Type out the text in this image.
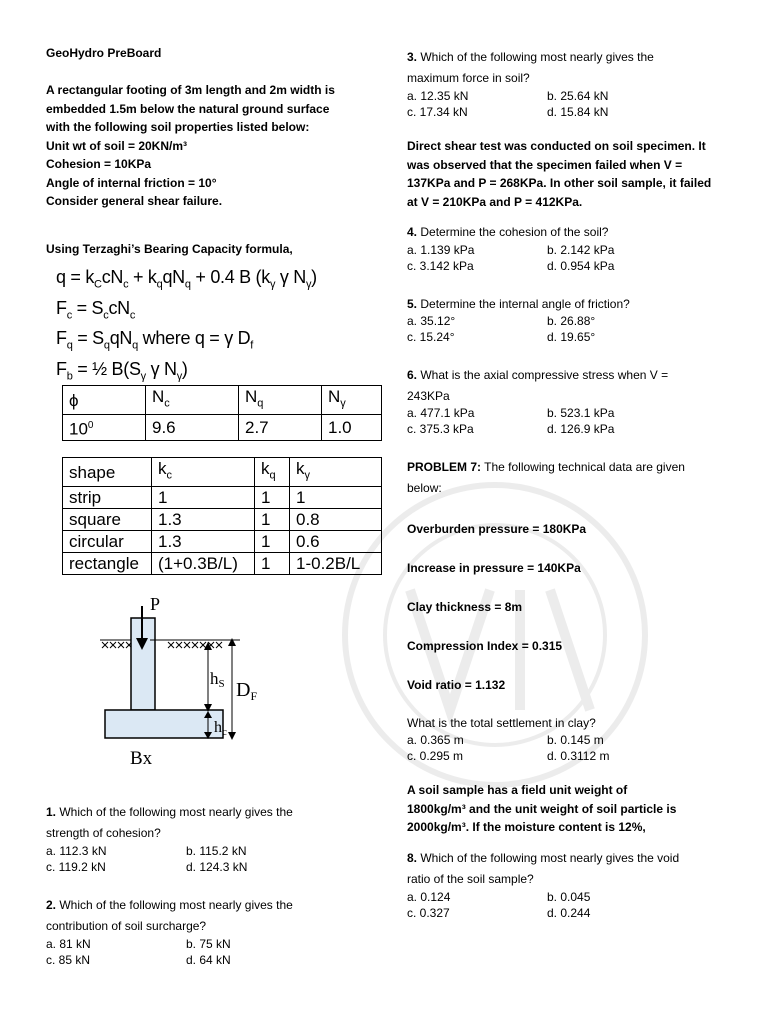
GeoHydro PreBoard
A rectangular footing of 3m length and 2m width is
embedded 1.5m below the natural ground surface
with the following soil properties listed below:
Unit wt of soil = 20KN/m³
Cohesion = 10KPa
Angle of internal friction = 10°
Consider general shear failure.
Using Terzaghi’s Bearing Capacity formula,
$q = k_CcN_c + k_qqN_q + 0.4$ B ($k_\gamma$ γ $N_\gamma$)
$F_c = S_ccN_c$
$F_q = S_qqN_q$ where q = γ $D_f$
$F_b$ = ½ $B(S_\gamma$ γ $N_\gamma$)
ϕ	$N_c$	$N_q$	$N_\gamma$
$10^0$	9.6	2.7	1.0
shape	$k_c$	$k_q$	$k_\gamma$
strip	1	1	1
square	1.3	1	0.8
circular	1.3	1	0.6
rectangle	(1+0.3B/L)	1	1-0.2B/L
P
hS $D_F$
hc
Bx
1. Which of the following most nearly gives the
strength of cohesion?
a. 112.3 kN	b. 115.2 kN
c. 119.2 kN	d. 124.3 kN
2. Which of the following most nearly gives the
contribution of soil surcharge?
a. 81 kN	b. 75 kN
c. 85 kN	d. 64 kN
3. Which of the following most nearly gives the
maximum force in soil?
a. 12.35 kN	b. 25.64 kN
c. 17.34 kN	d. 15.84 kN
Direct shear test was conducted on soil specimen. It
was observed that the specimen failed when V =
137KPa and P = 268KPa. In other soil sample, it failed
at V = 210KPa and P = 412KPa.
4. Determine the cohesion of the soil?
a. 1.139 kPa	b. 2.142 kPa
c. 3.142 kPa	d. 0.954 kPa
5. Determine the internal angle of friction?
a. 35.12°	b. 26.88°
c. 15.24°	d. 19.65°
6. What is the axial compressive stress when V =
243KPa
a. 477.1 kPa	b. 523.1 kPa
c. 375.3 kPa	d. 126.9 kPa
PROBLEM 7: The following technical data are given
below:
Overburden pressure = 180KPa
Increase in pressure = 140KPa
Clay thickness = 8m
Compression Index = 0.315
Void ratio = 1.132
What is the total settlement in clay?
a. 0.365 m	b. 0.145 m
c. 0.295 m	d. 0.3112 m
A soil sample has a field unit weight of
1800kg/m³ and the unit weight of soil particle is
2000kg/m³. If the moisture content is 12%,
8. Which of the following most nearly gives the void
ratio of the soil sample?
a. 0.124	b. 0.045
c. 0.327	d. 0.244
